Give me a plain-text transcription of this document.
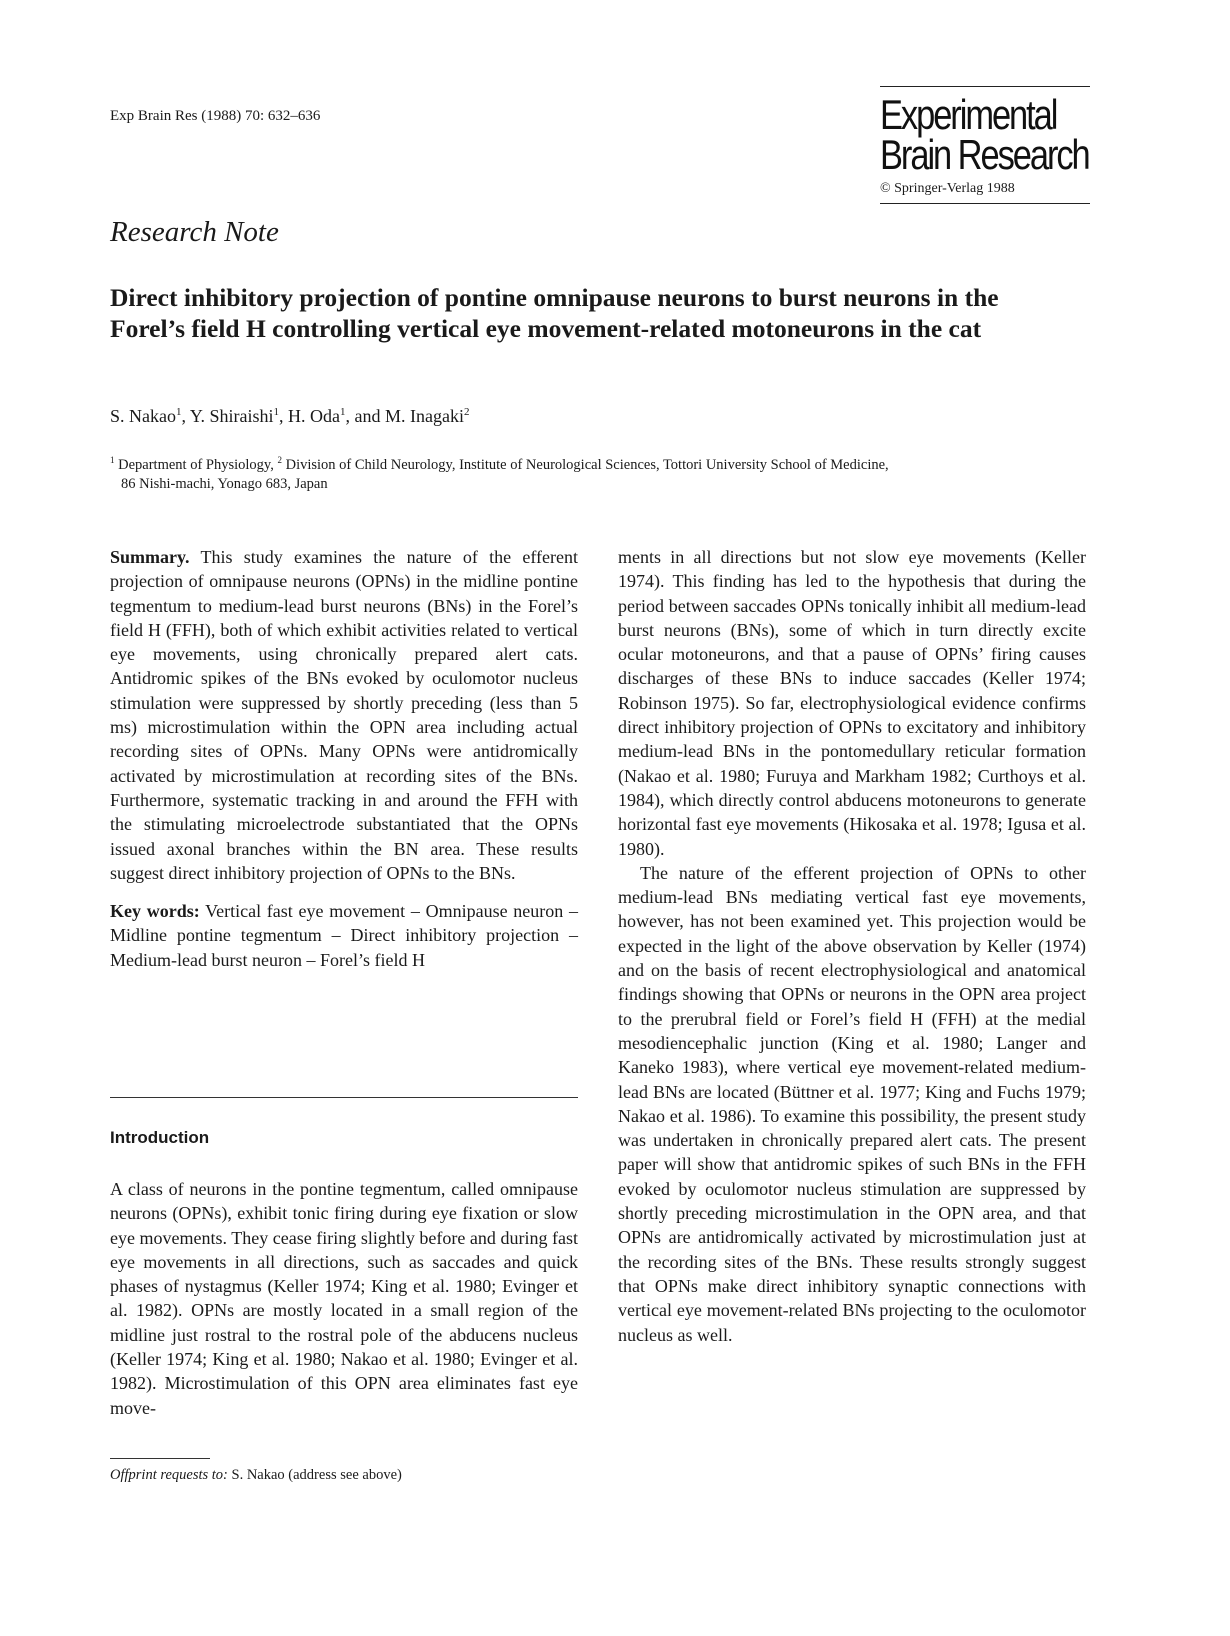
Exp Brain Res (1988) 70: 632–636	Experimental
Brain Research
© Springer-Verlag 1988
Research Note
Direct inhibitory projection of pontine omnipause neurons to burst neurons in the Forel’s field H controlling vertical eye movement-related motoneurons in the cat
S. Nakao$^1$, Y. Shiraishi$^1$, H. Oda$^1$, and M. Inagaki$^2$
$^1$ Department of Physiology, $^2$ Division of Child Neurology, Institute of Neurological Sciences, Tottori University School of Medicine,
86 Nishi-machi, Yonago 683, Japan

Summary. This study examines the nature of the efferent projection of omnipause neurons (OPNs) in the midline pontine tegmentum to medium-lead burst neurons (BNs) in the Forel’s field H (FFH), both of which exhibit activities related to vertical eye movements, using chronically prepared alert cats. Antidromic spikes of the BNs evoked by oculomotor nucleus stimulation were suppressed by shortly preceding (less than 5 ms) microstimulation within the OPN area including actual recording sites of OPNs. Many OPNs were antidromically activated by microstimulation at recording sites of the BNs. Furthermore, systematic tracking in and around the FFH with the stimulating microelectrode substantiated that the OPNs issued axonal branches within the BN area. These results suggest direct inhibitory projection of OPNs to the BNs.

Key words: Vertical fast eye movement – Omnipause neuron – Midline pontine tegmentum – Direct inhibitory projection – Medium-lead burst neuron – Forel’s field H

Introduction

A class of neurons in the pontine tegmentum, called omnipause neurons (OPNs), exhibit tonic firing during eye fixation or slow eye movements. They cease firing slightly before and during fast eye movements in all directions, such as saccades and quick phases of nystagmus (Keller 1974; King et al. 1980; Evinger et al. 1982). OPNs are mostly located in a small region of the midline just rostral to the rostral pole of the abducens nucleus (Keller 1974; King et al. 1980; Nakao et al. 1980; Evinger et al. 1982). Microstimulation of this OPN area eliminates fast eye move-

ments in all directions but not slow eye movements (Keller 1974). This finding has led to the hypothesis that during the period between saccades OPNs tonically inhibit all medium-lead burst neurons (BNs), some of which in turn directly excite ocular motoneurons, and that a pause of OPNs’ firing causes discharges of these BNs to induce saccades (Keller 1974; Robinson 1975). So far, electrophysiological evidence confirms direct inhibitory projection of OPNs to excitatory and inhibitory medium-lead BNs in the pontomedullary reticular formation (Nakao et al. 1980; Furuya and Markham 1982; Curthoys et al. 1984), which directly control abducens motoneurons to generate horizontal fast eye movements (Hikosaka et al. 1978; Igusa et al. 1980).

The nature of the efferent projection of OPNs to other medium-lead BNs mediating vertical fast eye movements, however, has not been examined yet. This projection would be expected in the light of the above observation by Keller (1974) and on the basis of recent electrophysiological and anatomical findings showing that OPNs or neurons in the OPN area project to the prerubral field or Forel’s field H (FFH) at the medial mesodiencephalic junction (King et al. 1980; Langer and Kaneko 1983), where vertical eye movement-related medium-lead BNs are located (Büttner et al. 1977; King and Fuchs 1979; Nakao et al. 1986). To examine this possibility, the present study was undertaken in chronically prepared alert cats. The present paper will show that antidromic spikes of such BNs in the FFH evoked by oculomotor nucleus stimulation are suppressed by shortly preceding microstimulation in the OPN area, and that OPNs are antidromically activated by microstimulation just at the recording sites of the BNs. These results strongly suggest that OPNs make direct inhibitory synaptic connections with vertical eye movement-related BNs projecting to the oculomotor nucleus as well.

Offprint requests to: S. Nakao (address see above)
